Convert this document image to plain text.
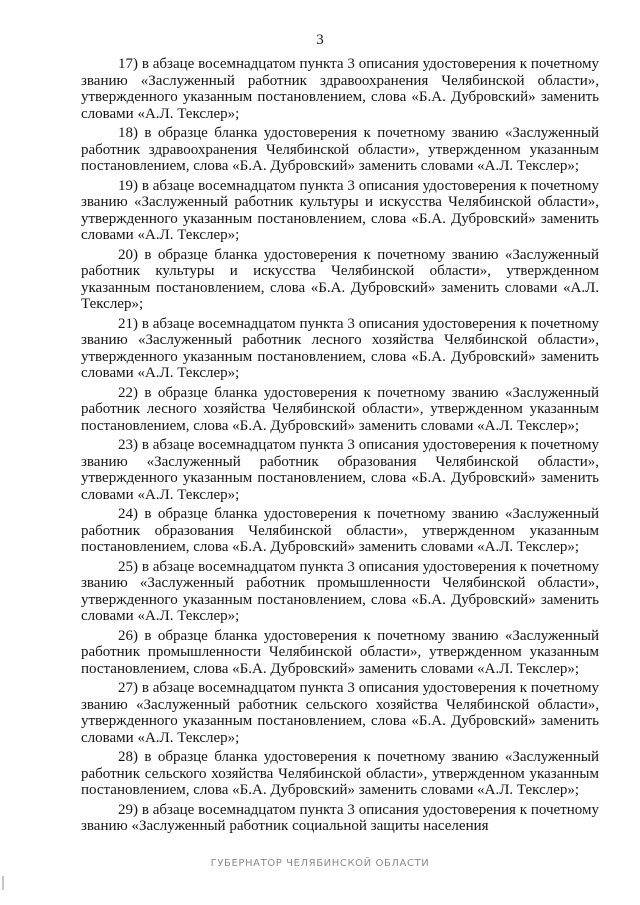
3

17) в абзаце восемнадцатом пункта 3 описания удостоверения к почетному званию «Заслуженный работник здравоохранения Челябинской области», утвержденного указанным постановлением, слова «Б.А. Дубровский» заменить словами «А.Л. Текслер»;

18) в образце бланка удостоверения к почетному званию «Заслуженный работник здравоохранения Челябинской области», утвержденном указанным постановлением, слова «Б.А. Дубровский» заменить словами «А.Л. Текслер»;

19) в абзаце восемнадцатом пункта 3 описания удостоверения к почетному званию «Заслуженный работник культуры и искусства Челябинской области», утвержденного указанным постановлением, слова «Б.А. Дубровский» заменить словами «А.Л. Текслер»;

20) в образце бланка удостоверения к почетному званию «Заслуженный работник культуры и искусства Челябинской области», утвержденном указанным постановлением, слова «Б.А. Дубровский» заменить словами «А.Л. Текслер»;

21) в абзаце восемнадцатом пункта 3 описания удостоверения к почетному званию «Заслуженный работник лесного хозяйства Челябинской области», утвержденного указанным постановлением, слова «Б.А. Дубровский» заменить словами «А.Л. Текслер»;

22) в образце бланка удостоверения к почетному званию «Заслуженный работник лесного хозяйства Челябинской области», утвержденном указанным постановлением, слова «Б.А. Дубровский» заменить словами «А.Л. Текслер»;

23) в абзаце восемнадцатом пункта 3 описания удостоверения к почетному званию «Заслуженный работник образования Челябинской области», утвержденного указанным постановлением, слова «Б.А. Дубровский» заменить словами «А.Л. Текслер»;

24) в образце бланка удостоверения к почетному званию «Заслуженный работник образования Челябинской области», утвержденном указанным постановлением, слова «Б.А. Дубровский» заменить словами «А.Л. Текслер»;

25) в абзаце восемнадцатом пункта 3 описания удостоверения к почетному званию «Заслуженный работник промышленности Челябинской области», утвержденного указанным постановлением, слова «Б.А. Дубровский» заменить словами «А.Л. Текслер»;

26) в образце бланка удостоверения к почетному званию «Заслуженный работник промышленности Челябинской области», утвержденном указанным постановлением, слова «Б.А. Дубровский» заменить словами «А.Л. Текслер»;

27) в абзаце восемнадцатом пункта 3 описания удостоверения к почетному званию «Заслуженный работник сельского хозяйства Челябинской области», утвержденного указанным постановлением, слова «Б.А. Дубровский» заменить словами «А.Л. Текслер»;

28) в образце бланка удостоверения к почетному званию «Заслуженный работник сельского хозяйства Челябинской области», утвержденном указанным постановлением, слова «Б.А. Дубровский» заменить словами «А.Л. Текслер»;

29) в абзаце восемнадцатом пункта 3 описания удостоверения к почетному званию «Заслуженный работник социальной защиты населения

ГУБЕРНАТОР ЧЕЛЯБИНСКОЙ ОБЛАСТИ
